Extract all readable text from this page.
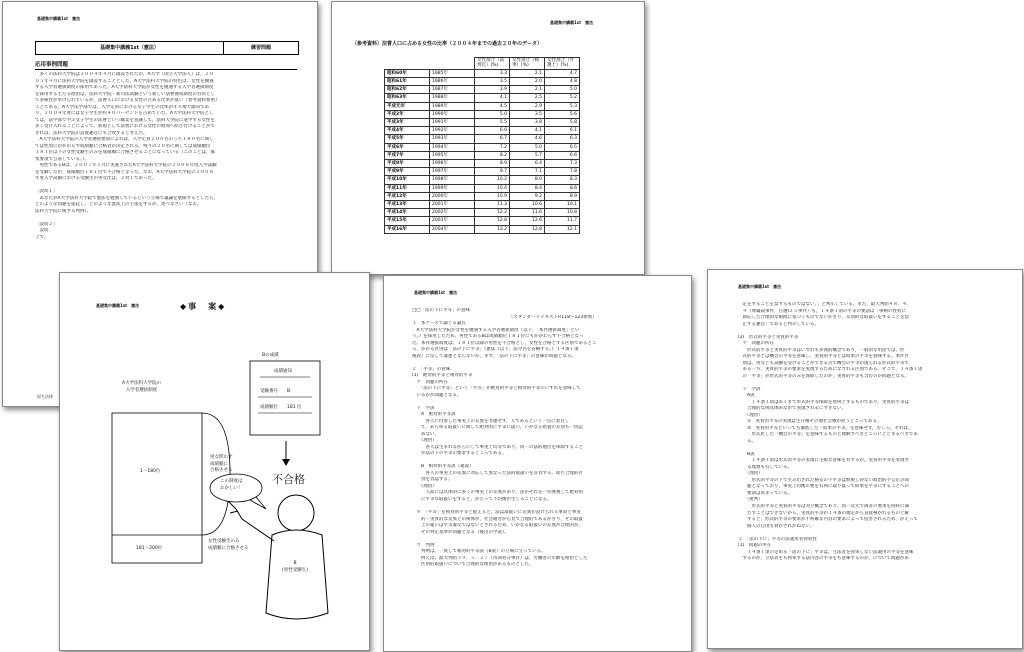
基礎集中講義1st　憲法
基礎集中講義1st（憲法）	練習問題
応用事例問題
　多くの法科大学院は２００４年４月に創設されたが，A大学（国立大学法人）は，２０
０５年４月に法科大学院を創設することとした。A大学法科大学院の特色は，女性を優遇
する入学者選抜制度の採用であった。A大学法科大学院が女性を優遇する入学者選抜制度
を採用する主たる理由は，法科大学院・新司法試験という新しい法曹養成制度の目的とし
て多様性が挙げられているが，法曹人口における女性の占める比率が低い（参考資料参照）
ことである。A大学法学部では，入学定員における女子学生の比率が年々増大傾向であ
り，２００４年度には女子学生が約４０パーセントを占めていた。A大学法科大学院とし
ては，法学部で学ぶ女子学生の法曹という職業を意識して，法科大学院に進学する女性を
多く受け入れることによって，新規として法曹における女性の増加へ結び付けることがで
きれば，法科大学院の設置趣旨にも合致すると考えた。
　A大学法科大学院の入学者選抜要項によれば，入学定員２００名のうち１８０名に関し
ては性別にかかわらず成績順に合格者が決定される。残りの２０名に関しては成績順位
１８１位以下の女性受験生のみを成績順に合格させることになっている（このことは，募
集要項で公表している。）。
　男性であるBは，２００７年５月に実施されたA大学法科大学院の２００８年度入学試験
を受験したが，成績順位１８１位で不合格となった。なお，A大学法科大学院の２００８
年度入学試験における受験生の男女比は，２対１であった。

〔設問１〕
　あなたがA大学法科大学院で憲法を勉強しているという立場で議論を展開するとしたら，
どのような問題を提起し，どのような憲法上の主張をするか，述べなさい（なお，
法科大学院に関する判例）。

〔設問２〕
　設問
上で，
原生法律
基礎集中講義1st　憲法
〔参考資料〕法曹人口に占める女性の比率（２００４年までの過去２０年のデータ）
		女性割合（裁判官）(%)	女性割合（検事）(%)	女性割合（弁護士）(%)
昭和60年	1985年	3.3	2.1	4.7
昭和61年	1986年	3.5	2.0	4.8
昭和62年	1987年	3.9	2.1	5.0
昭和63年	1988年	4.1	2.5	5.2
平成元年	1989年	4.5	2.9	5.3
平成2年	1990年	5.0	3.5	5.6
平成3年	1991年	5.5	3.8	5.8
平成4年	1992年	6.0	4.1	6.1
平成5年	1993年	6.7	4.6	6.3
平成6年	1994年	7.2	5.0	6.5
平成7年	1995年	8.2	5.7	6.6
平成8年	1996年	8.9	6.4	7.3
平成9年	1997年	9.7	7.1	7.8
平成10年	1998年	10.2	8.0	8.3
平成11年	1999年	10.4	8.4	8.6
平成12年	2000年	10.9	9.2	8.9
平成13年	2001年	11.3	10.6	10.1
平成14年	2002年	12.2	11.6	10.8
平成15年	2003年	12.8	12.6	11.7
平成16年	2004年	13.2	12.8	12.1
基礎集中講義1st　憲法	◆事　案◆
A大学法科大学院の
入学者選抜制度
1～180位
181～200位
男女問わず
成績順に
合格させる
女性受験生のみ
成績順に合格させる
Bの成績
成績通知
受験番号　　B
成績順位　　181 位
不合格
この制度は
おかしい！
B
(男性受験生)
基礎集中講義1st　憲法
□□「法の下に平等」の意味
　　　　　　　　　　　　　　　　　　　　　　（スタンダードテキストP.118～123参照）
１　本ケースで論じる論点
　A大学法科大学院が女性を優遇する入学者選抜制度（以下，「本件選抜制度」とい
う。）を採用したため，男性であるBは成績順位１８１位にもかかわらず不合格となっ
た。本件選抜制度は，１８１位以降の男性を不合格とし，女性を合格とする区別であるとこ
ろ，かかる区別は「法の下に平等」（憲法（以下，法令名を省略する。）１４条１項
後段）に反して違憲とならないか。まず，「法の下に平等」の意味が問題となる。

２　「平等」の意味
(1)　絶対的平等と相対的平等
　ア　問題の所在
　　「法の下に平等」という「平等」が絶対的平等と相対的平等のいずれを意味して
　いるかが問題となる。

　イ　学説
　　A　絶対的平等説
　　　各人に付着した事実上の差異を考慮せず，人であるという一点に着目し
　　て，あらゆる取扱いに関して絶対的に平等に扱い，いかなる措置の差別も一切認
　　めない。
　　（理由）
　　　各人は生まれながらにして事実上均等であり，同一の法的地位を保障すること
　　が法の下の平等の要求するところである。

　　B　相対的平等説（通説）
　　　各人の事実上の差異に対応して異なった法的取扱いを許容する。即ち合理的区
　　別を容認する。
　　（理由）
　　　人間には具体的に多くの事実上の差異があり，法がそれを一切無視して絶対的
　　に平等な取扱いをすると，かえって不均衡が生じることになる。

　＊　「平等」を相対的平等と捉えると，法は取扱いに差異が設けられる事項と事実
　　的・実質的な差異との関係が，社会通念から見て合理的であるかぎり，その取扱
　　上の違いは平等違反ではないとされるため，いかなる取扱いの差異が合理的か，
　　その判定基準が問題となる（後出の学説）。

　ウ　判例
　　判例は，一貫して相対的平等説（B説）の立場に立っている。
　　例えば，最大判昭３９．５．２７（待命処分事件）は，労働者の年齢を理由とした
　　区別的取扱いについて合理的な理由があるものとした。
基礎集中講義1st　憲法
　定をすることを禁ずるものではない。」と判示している。また，最大判昭４８．４．
　４（尊属殺事件，百選Ⅰ２５事件）も，１４条１項の平等の要請は「事柄の性質に
　即応した合理的な根拠に基づくものでないかぎり，差別的な取扱いをすることを禁
　止する趣旨」であると判示している。

(2)　形式的平等と実質的平等
　ア　問題の所在
　　形式的平等と実質的平等はいずれも多義的概念であり，一般的な用法では，形
　式的平等とは機会の平等を意味し，実質的平等とは結果の平等を意味する。本件区
　別は，男女とも試験を受けることができる点で機会の平等が図られる形式的平等で
　ある一方，実質的平等の要求を実現するためになされる区別である。そこで，１４条１項
　の「平等」が形式的平等のみを保障したのか，実質的平等も含むのか問題となる。

　イ　学説
　　A説
　　　１４条１項はあくまで形式的平等保障を原則とするものであり，実質的平等は
　　合理的な則具体的な形で実現されるにすぎない。
　　（理由）
　　①　実質的平等の実現は生存権その他社会権が担うところである。
　　②　実質的平等といっても徹底した「結果の平等」を意味せず，むしろ，それは，
　　　形式化した「機会の平等」を意味するものと理解すべきところにとどまるべきであ
　　る。

　　B説
　　　１４条１項は形式的平等の実現に主眼な意味を有するが，実質的平等を実現す
　　る理想も有している。
　　（理由）
　　　形式的平等の下で生み出された格差の不平等は無視し得ない政治的不公正の問
　　題となっており，事実上均衡の要を有利に取り扱って結果を平等にすることへの
　　要請は高まっている。
　　（批判）
　　　形式的平等と実質的平等は対立概念であり，同一次元で両者の要求を同時に満
　　たすことはできないから，実質的平等が１４条の規定から直接導かれるものと解
　　すると，形式的平等の要求が不明確な内容の要求によって侵害されるため，かえって
　　個人の自由も脅かされかねない。

３　「法の下に」平等の法適用者拘束性
(1)　問題の所在
　　１４条１項の定める「法の下に」平等は，立法者を拘束しない法適用の平等を意味
　するのか，立法者をも拘束する法内容の平等をも意味するのか，について問題があ
